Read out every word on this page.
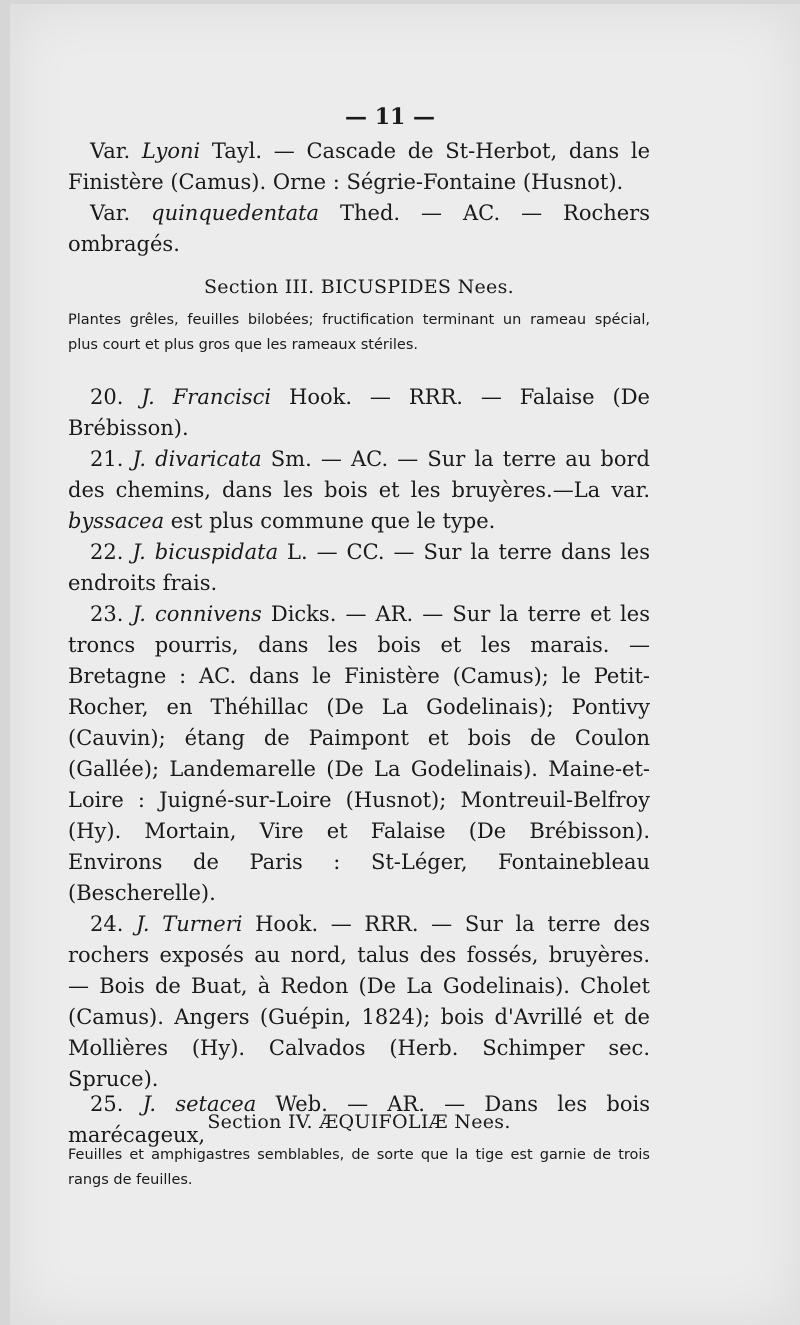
— 11 —

Var. Lyoni Tayl. — Cascade de St-Herbot, dans le Finistère (Camus). Orne : Ségrie-Fontaine (Husnot).

Var. quinquedentata Thed. — AC. — Rochers ombragés.

Section III. BICUSPIDES Nees.

Plantes grêles, feuilles bilobées; fructification terminant un rameau spécial, plus court et plus gros que les rameaux stériles.

20. J. Francisci Hook. — RRR. — Falaise (De Brébisson).

21. J. divaricata Sm. — AC. — Sur la terre au bord des chemins, dans les bois et les bruyères.—La var. byssacea est plus commune que le type.

22. J. bicuspidata L. — CC. — Sur la terre dans les endroits frais.

23. J. connivens Dicks. — AR. — Sur la terre et les troncs pourris, dans les bois et les marais. — Bretagne : AC. dans le Finistère (Camus); le Petit-Rocher, en Théhillac (De La Godelinais); Pontivy (Cauvin); étang de Paimpont et bois de Coulon (Gallée); Landemarelle (De La Godelinais). Maine-et-Loire : Juigné-sur-Loire (Husnot); Montreuil-Belfroy (Hy). Mortain, Vire et Falaise (De Brébisson). Environs de Paris : St-Léger, Fontainebleau (Bescherelle).

24. J. Turneri Hook. — RRR. — Sur la terre des rochers exposés au nord, talus des fossés, bruyères. — Bois de Buat, à Redon (De La Godelinais). Cholet (Camus). Angers (Guépin, 1824); bois d'Avrillé et de Mollières (Hy). Calvados (Herb. Schimper sec. Spruce).

Section IV. ÆQUIFOLIÆ Nees.

Feuilles et amphigastres semblables, de sorte que la tige est garnie de trois rangs de feuilles.

25. J. setacea Web. — AR. — Dans les bois marécageux,
